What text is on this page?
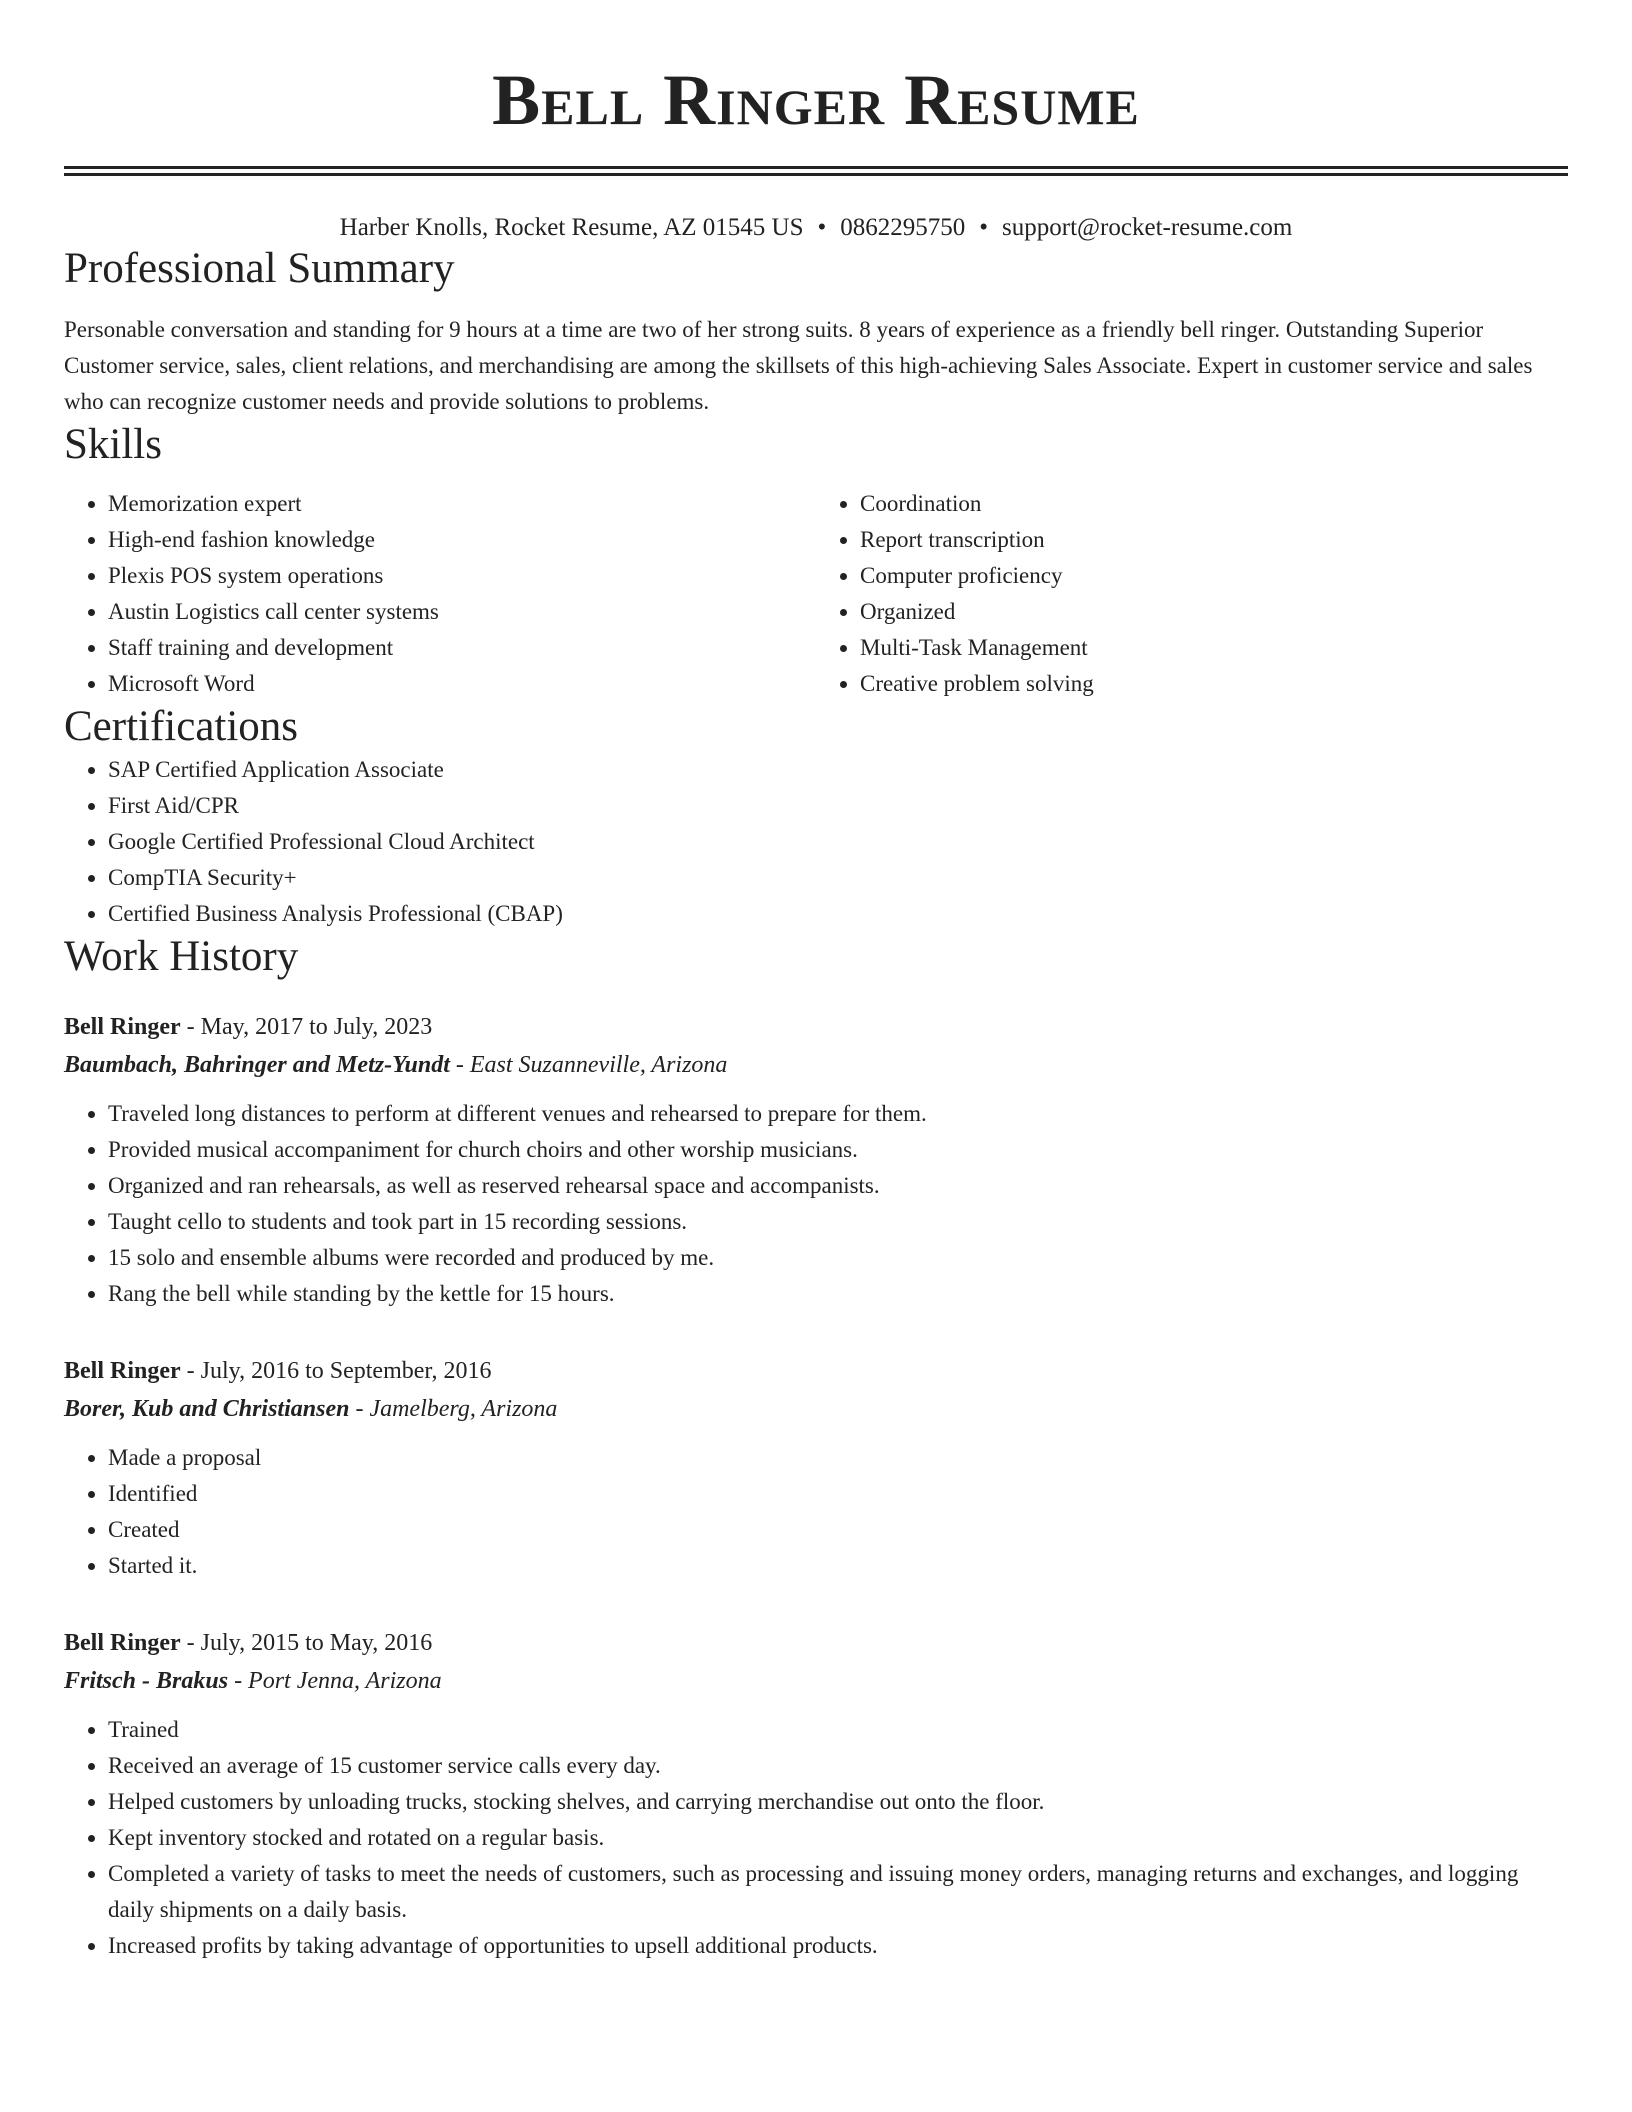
Bell Ringer Resume
Harber Knolls, Rocket Resume, AZ 01545 US • 0862295750 • support@rocket-resume.com
Professional Summary

Personable conversation and standing for 9 hours at a time are two of her strong suits. 8 years of experience as a friendly bell ringer. Outstanding Superior Customer service, sales, client relations, and merchandising are among the skillsets of this high-achieving Sales Associate. Expert in customer service and sales who can recognize customer needs and provide solutions to problems.

Skills
• Memorization expert
• High-end fashion knowledge
• Plexis POS system operations
• Austin Logistics call center systems
• Staff training and development
• Microsoft Word
• Coordination
• Report transcription
• Computer proficiency
• Organized
• Multi-Task Management
• Creative problem solving
Certifications
• SAP Certified Application Associate
• First Aid/CPR
• Google Certified Professional Cloud Architect
• CompTIA Security+
• Certified Business Analysis Professional (CBAP)
Work History
Bell Ringer - May, 2017 to July, 2023
Baumbach, Bahringer and Metz-Yundt - East Suzanneville, Arizona
• Traveled long distances to perform at different venues and rehearsed to prepare for them.
• Provided musical accompaniment for church choirs and other worship musicians.
• Organized and ran rehearsals, as well as reserved rehearsal space and accompanists.
• Taught cello to students and took part in 15 recording sessions.
• 15 solo and ensemble albums were recorded and produced by me.
• Rang the bell while standing by the kettle for 15 hours.
Bell Ringer - July, 2016 to September, 2016
Borer, Kub and Christiansen - Jamelberg, Arizona
• Made a proposal
• Identified
• Created
• Started it.
Bell Ringer - July, 2015 to May, 2016
Fritsch - Brakus - Port Jenna, Arizona
• Trained
• Received an average of 15 customer service calls every day.
• Helped customers by unloading trucks, stocking shelves, and carrying merchandise out onto the floor.
• Kept inventory stocked and rotated on a regular basis.
• Completed a variety of tasks to meet the needs of customers, such as processing and issuing money orders, managing returns and exchanges, and logging daily shipments on a daily basis.
• Increased profits by taking advantage of opportunities to upsell additional products.
